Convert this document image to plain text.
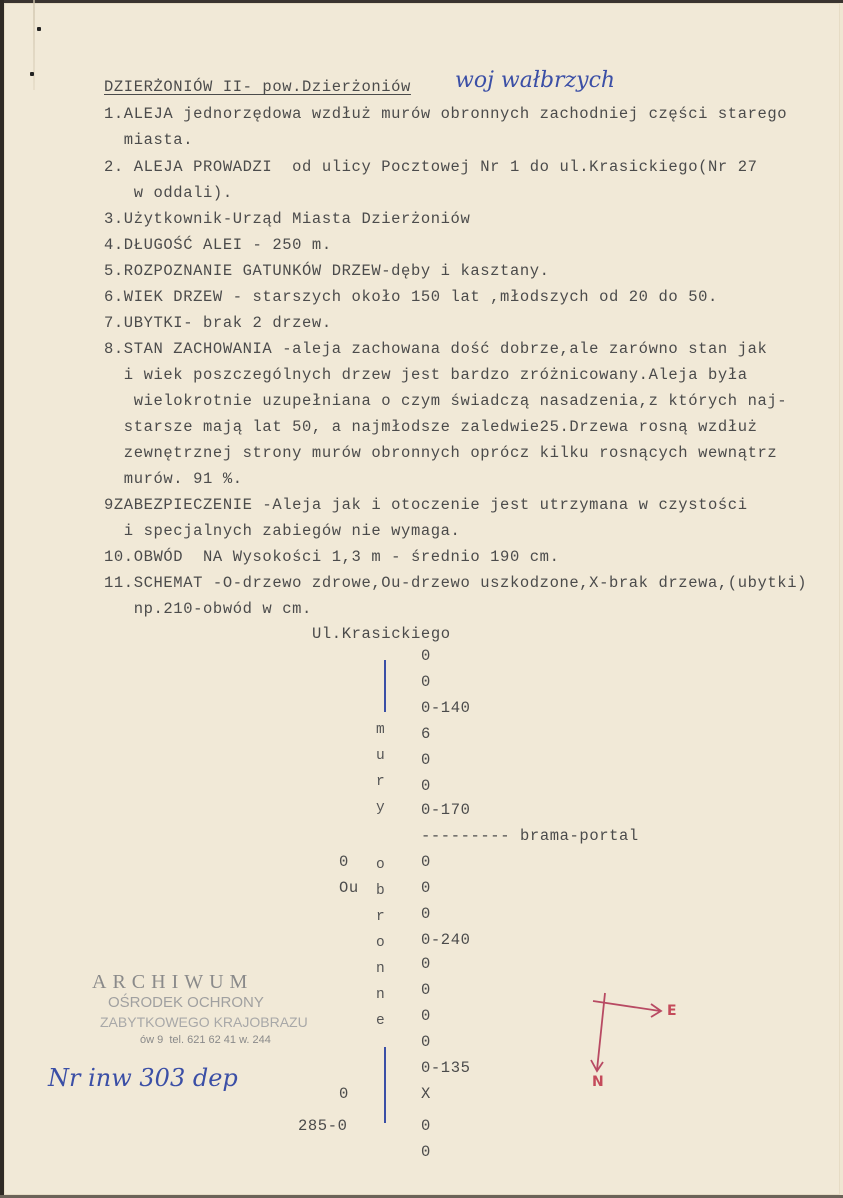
DZIERŻONIÓW II- pow.Dzierżoniów woj wałbrzych
1.ALEJA jednorzędowa wzdłuż murów obronnych zachodniej części starego
miasta.
2. ALEJA PROWADZI  od ulicy Pocztowej Nr 1 do ul.Krasickiego(Nr 27
w oddali).
3.Użytkownik-Urząd Miasta Dzierżoniów
4.DŁUGOŚĆ ALEI - 250 m.
5.ROZPOZNANIE GATUNKÓW DRZEW-dęby i kasztany.
6.WIEK DRZEW - starszych około 150 lat ,młodszych od 20 do 50.
7.UBYTKI- brak 2 drzew.
8.STAN ZACHOWANIA -aleja zachowana dość dobrze,ale zarówno stan jak
i wiek poszczególnych drzew jest bardzo zróżnicowany.Aleja była
wielokrotnie uzupełniana o czym świadczą nasadzenia,z których naj-
starsze mają lat 50, a najmłodsze zaledwie25.Drzewa rosną wzdłuż
zewnętrznej strony murów obronnych oprócz kilku rosnących wewnątrz
murów. 91 %.
9ZABEZPIECZENIE -Aleja jak i otoczenie jest utrzymana w czystości
i specjalnych zabiegów nie wymaga.
10.OBWÓD  NA Wysokości 1,3 m - średnio 190 cm.
11.SCHEMAT -O-drzewo zdrowe,Ou-drzewo uszkodzone,X-brak drzewa,(ubytki)
np.210-obwód w cm.
Ul.Krasickiego
m
u
r
y
o
b
r
o
n
n
e
0
0
0-140
6
0
0
0-170
--------- brama-portal
0
0
0
0-240
0
0
0
0
0-135
X
0
0
0
Ou
0
285-0
E
N
ARCHIWUM
OŚRODEK OCHRONY
ZABYTKOWEGO KRAJOBRAZU
ów 9  tel. 621 62 41 w. 244
Nr inw 303 dep
